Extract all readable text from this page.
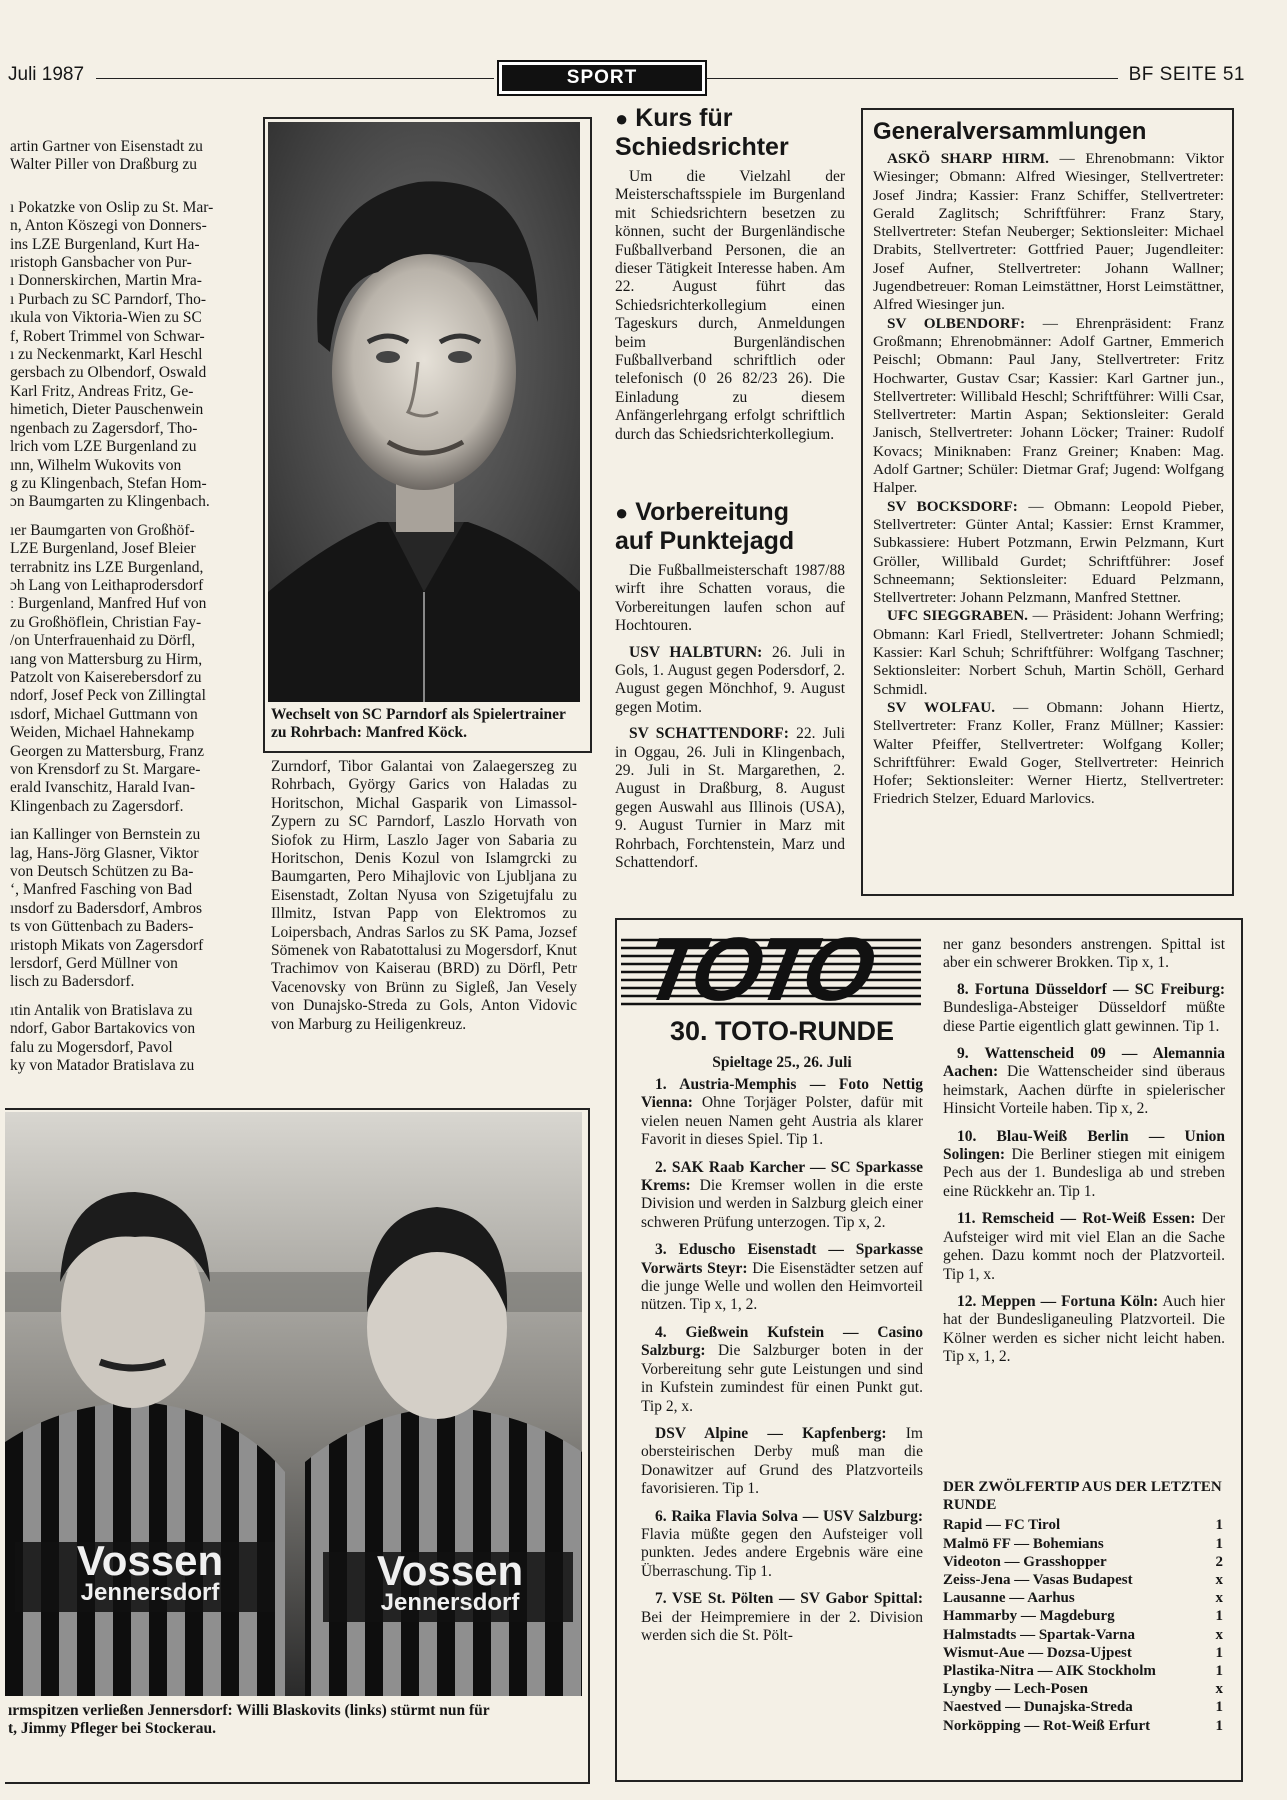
Juli 1987	SPORT	BF SEITE 51
artin Gartner von Eisenstadt zu
Walter Piller von Draßburg zu
ı Pokatzke von Oslip zu St. Mar-
n, Anton Köszegi von Donners-
ins LZE Burgenland, Kurt Ha-
ıristoph Gansbacher von Pur-
ı Donnerskirchen, Martin Mra-
ı Purbach zu SC Parndorf, Tho-
ıkula von Viktoria-Wien zu SC
f, Robert Trimmel von Schwar-
ı zu Neckenmarkt, Karl Heschl
gersbach zu Olbendorf, Oswald
Karl Fritz, Andreas Fritz, Ge-
himetich, Dieter Pauschenwein
ngenbach zu Zagersdorf, Tho-
lrich vom LZE Burgenland zu
ınn, Wilhelm Wukovits von
g zu Klingenbach, Stefan Hom-
ɔn Baumgarten zu Klingenbach.
ıer Baumgarten von Großhöf-
LZE Burgenland, Josef Bleier
terrabnitz ins LZE Burgenland,
ɔh Lang von Leithaprodersdorf
ː Burgenland, Manfred Huf von
zu Großhöflein, Christian Fay-
/on Unterfrauenhaid zu Dörfl,
ıang von Mattersburg zu Hirm,
Patzolt von Kaiserebersdorf zu
ndorf, Josef Peck von Zillingtal
ısdorf, Michael Guttmann von
Weiden, Michael Hahnekamp
Georgen zu Mattersburg, Franz
von Krensdorf zu St. Margare-
erald Ivanschitz, Harald Ivan-
Klingenbach zu Zagersdorf.
ian Kallinger von Bernstein zu
lag, Hans-Jörg Glasner, Viktor
von Deutsch Schützen zu Ba-
ʻ, Manfred Fasching von Bad
ınsdorf zu Badersdorf, Ambros
ts von Güttenbach zu Baders-
ıristoph Mikats von Zagersdorf
lersdorf, Gerd Müllner von
lisch zu Badersdorf.
ıtin Antalik von Bratislava zu
ndorf, Gabor Bartakovics von
falu zu Mogersdorf, Pavol
ky von Matador Bratislava zu
Wechselt von SC Parndorf als Spielertrainer zu Rohrbach: Manfred Köck.
Zurndorf, Tibor Galantai von Zalaegerszeg zu Rohrbach, György Garics von Haladas zu Horitschon, Michal Gasparik von Limassol-Zypern zu SC Parndorf, Laszlo Horvath von Siofok zu Hirm, Laszlo Jager von Sabaria zu Horitschon, Denis Kozul von Islamgrcki zu Baumgarten, Pero Mihajlovic von Ljubljana zu Eisenstadt, Zoltan Nyusa von Szigetujfalu zu Illmitz, Istvan Papp von Elektromos zu Loipersbach, Andras Sarlos zu SK Pama, Jozsef Sömenek von Rabatottalusi zu Mogersdorf, Knut Trachimov von Kaiserau (BRD) zu Dörfl, Petr Vacenovsky von Brünn zu Sigleß, Jan Vesely von Dunajsko-Streda zu Gols, Anton Vidovic von Marburg zu Heiligenkreuz.
Vossen
Jennersdorf	Vossen
Jennersdorf
ırmspitzen verließen Jennersdorf: Willi Blaskovits (links) stürmt nun für
t, Jimmy Pfleger bei Stockerau.
● Kurs für
Schiedsrichter
Um die Vielzahl der Meisterschaftsspiele im Burgenland mit Schiedsrichtern besetzen zu können, sucht der Burgenländische Fußballverband Personen, die an dieser Tätigkeit Interesse haben. Am 22. August führt das Schiedsrichterkollegium einen Tageskurs durch, Anmeldungen beim Burgenländischen Fußballverband schriftlich oder telefonisch (0 26 82/23 26). Die Einladung zu diesem Anfängerlehrgang erfolgt schriftlich durch das Schiedsrichterkollegium.
● Vorbereitung
auf Punktejagd

Die Fußballmeisterschaft 1987/88 wirft ihre Schatten voraus, die Vorbereitungen laufen schon auf Hochtouren.

USV HALBTURN: 26. Juli in Gols, 1. August gegen Podersdorf, 2. August gegen Mönchhof, 9. August gegen Motim.

SV SCHATTENDORF: 22. Juli in Oggau, 26. Juli in Klingenbach, 29. Juli in St. Margarethen, 2. August in Draßburg, 8. August gegen Auswahl aus Illinois (USA), 9. August Turnier in Marz mit Rohrbach, Forchtenstein, Marz und Schattendorf.

Generalversammlungen

ASKÖ SHARP HIRM. — Ehrenobmann: Viktor Wiesinger; Obmann: Alfred Wiesinger, Stellvertreter: Josef Jindra; Kassier: Franz Schiffer, Stellvertreter: Gerald Zaglitsch; Schriftführer: Franz Stary, Stellvertreter: Stefan Neuberger; Sektionsleiter: Michael Drabits, Stellvertreter: Gottfried Pauer; Jugendleiter: Josef Aufner, Stellvertreter: Johann Wallner; Jugendbetreuer: Roman Leimstättner, Horst Leimstättner, Alfred Wiesinger jun.

SV OLBENDORF: — Ehrenpräsident: Franz Großmann; Ehrenobmänner: Adolf Gartner, Emmerich Peischl; Obmann: Paul Jany, Stellvertreter: Fritz Hochwarter, Gustav Csar; Kassier: Karl Gartner jun., Stellvertreter: Willibald Heschl; Schriftführer: Willi Csar, Stellvertreter: Martin Aspan; Sektionsleiter: Gerald Janisch, Stellvertreter: Johann Löcker; Trainer: Rudolf Kovacs; Miniknaben: Franz Greiner; Knaben: Mag. Adolf Gartner; Schüler: Dietmar Graf; Jugend: Wolfgang Halper.

SV BOCKSDORF: — Obmann: Leopold Pieber, Stellvertreter: Günter Antal; Kassier: Ernst Krammer, Subkassiere: Hubert Potzmann, Erwin Pelzmann, Kurt Gröller, Willibald Gurdet; Schriftführer: Josef Schneemann; Sektionsleiter: Eduard Pelzmann, Stellvertreter: Johann Pelzmann, Manfred Stettner.

UFC SIEGGRABEN. — Präsident: Johann Werfring; Obmann: Karl Friedl, Stellvertreter: Johann Schmiedl; Kassier: Karl Schuh; Schriftführer: Wolfgang Taschner; Sektionsleiter: Norbert Schuh, Martin Schöll, Gerhard Schmidl.

SV WOLFAU. — Obmann: Johann Hiertz, Stellvertreter: Franz Koller, Franz Müllner; Kassier: Walter Pfeiffer, Stellvertreter: Wolfgang Koller; Schriftführer: Ewald Goger, Stellvertreter: Heinrich Hofer; Sektionsleiter: Werner Hiertz, Stellvertreter: Friedrich Stelzer, Eduard Marlovics.

TOTO
30. TOTO-RUNDE
Spieltage 25., 26. Juli

1. Austria-Memphis — Foto Nettig Vienna: Ohne Torjäger Polster, dafür mit vielen neuen Namen geht Austria als klarer Favorit in dieses Spiel. Tip 1.

2. SAK Raab Karcher — SC Sparkasse Krems: Die Kremser wollen in die erste Division und werden in Salzburg gleich einer schweren Prüfung unterzogen. Tip x, 2.

3. Eduscho Eisenstadt — Sparkasse Vorwärts Steyr: Die Eisenstädter setzen auf die junge Welle und wollen den Heimvorteil nützen. Tip x, 1, 2.

4. Gießwein Kufstein — Casino Salzburg: Die Salzburger boten in der Vorbereitung sehr gute Leistungen und sind in Kufstein zumindest für einen Punkt gut. Tip 2, x.

DSV Alpine — Kapfenberg: Im obersteirischen Derby muß man die Donawitzer auf Grund des Platzvorteils favorisieren. Tip 1.

6. Raika Flavia Solva — USV Salzburg: Flavia müßte gegen den Aufsteiger voll punkten. Jedes andere Ergebnis wäre eine Überraschung. Tip 1.

7. VSE St. Pölten — SV Gabor Spittal: Bei der Heimpremiere in der 2. Division werden sich die St. Pölt-

ner ganz besonders anstrengen. Spittal ist aber ein schwerer Brokken. Tip x, 1.

8. Fortuna Düsseldorf — SC Freiburg: Bundesliga-Absteiger Düsseldorf müßte diese Partie eigentlich glatt gewinnen. Tip 1.

9. Wattenscheid 09 — Alemannia Aachen: Die Wattenscheider sind überaus heimstark, Aachen dürfte in spielerischer Hinsicht Vorteile haben. Tip x, 2.

10. Blau-Weiß Berlin — Union Solingen: Die Berliner stiegen mit einigem Pech aus der 1. Bundesliga ab und streben eine Rückkehr an. Tip 1.

11. Remscheid — Rot-Weiß Essen: Der Aufsteiger wird mit viel Elan an die Sache gehen. Dazu kommt noch der Platzvorteil. Tip 1, x.

12. Meppen — Fortuna Köln: Auch hier hat der Bundesliganeuling Platzvorteil. Die Kölner werden es sicher nicht leicht haben. Tip x, 1, 2.

DER ZWÖLFERTIP AUS DER LETZTEN RUNDE
Rapid — FC Tirol	1
Malmö FF — Bohemians	1
Videoton — Grasshopper	2
Zeiss-Jena — Vasas Budapest	x
Lausanne — Aarhus	x
Hammarby — Magdeburg	1
Halmstadts — Spartak-Varna	x
Wismut-Aue — Dozsa-Ujpest	1
Plastika-Nitra — AIK Stockholm	1
Lyngby — Lech-Posen	x
Naestved — Dunajska-Streda	1
Norköpping — Rot-Weiß Erfurt	1
